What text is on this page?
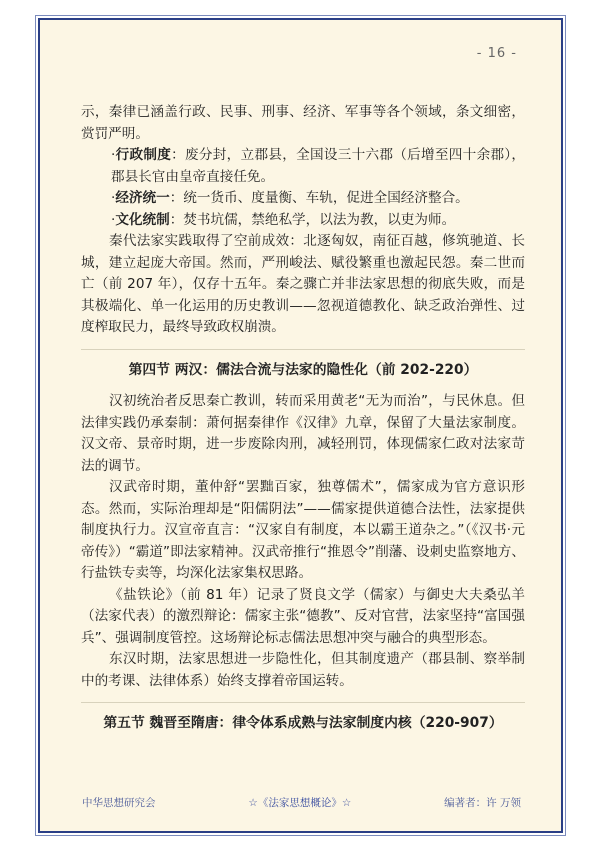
- 16 -

示，秦律已涵盖行政、民事、刑事、经济、军事等各个领域，条文细密，赏罚严明。

·行政制度：废分封，立郡县，全国设三十六郡（后增至四十余郡），郡县长官由皇帝直接任免。

·经济统一：统一货币、度量衡、车轨，促进全国经济整合。

·文化统制：焚书坑儒，禁绝私学，以法为教，以吏为师。

秦代法家实践取得了空前成效：北逐匈奴，南征百越，修筑驰道、长城，建立起庞大帝国。然而，严刑峻法、赋役繁重也激起民怨。秦二世而亡（前 207 年），仅存十五年。秦之骤亡并非法家思想的彻底失败，而是其极端化、单一化运用的历史教训——忽视道德教化、缺乏政治弹性、过度榨取民力，最终导致政权崩溃。

第四节 两汉：儒法合流与法家的隐性化（前 202-220）

汉初统治者反思秦亡教训，转而采用黄老“无为而治”，与民休息。但法律实践仍承秦制：萧何据秦律作《汉律》九章，保留了大量法家制度。汉文帝、景帝时期，进一步废除肉刑，减轻刑罚，体现儒家仁政对法家苛法的调节。

汉武帝时期，董仲舒“罢黜百家，独尊儒术”，儒家成为官方意识形态。然而，实际治理却是“阳儒阴法”——儒家提供道德合法性，法家提供制度执行力。汉宣帝直言：“汉家自有制度，本以霸王道杂之。”（《汉书·元帝传》）“霸道”即法家精神。汉武帝推行“推恩令”削藩、设刺史监察地方、行盐铁专卖等，均深化法家集权思路。

《盐铁论》（前 81 年）记录了贤良文学（儒家）与御史大夫桑弘羊（法家代表）的激烈辩论：儒家主张“德教”、反对官营，法家坚持“富国强兵”、强调制度管控。这场辩论标志儒法思想冲突与融合的典型形态。

东汉时期，法家思想进一步隐性化，但其制度遗产（郡县制、察举制中的考课、法律体系）始终支撑着帝国运转。

第五节 魏晋至隋唐：律令体系成熟与法家制度内核（220-907）
中华思想研究会	☆《法家思想概论》☆	编著者：许 万领
